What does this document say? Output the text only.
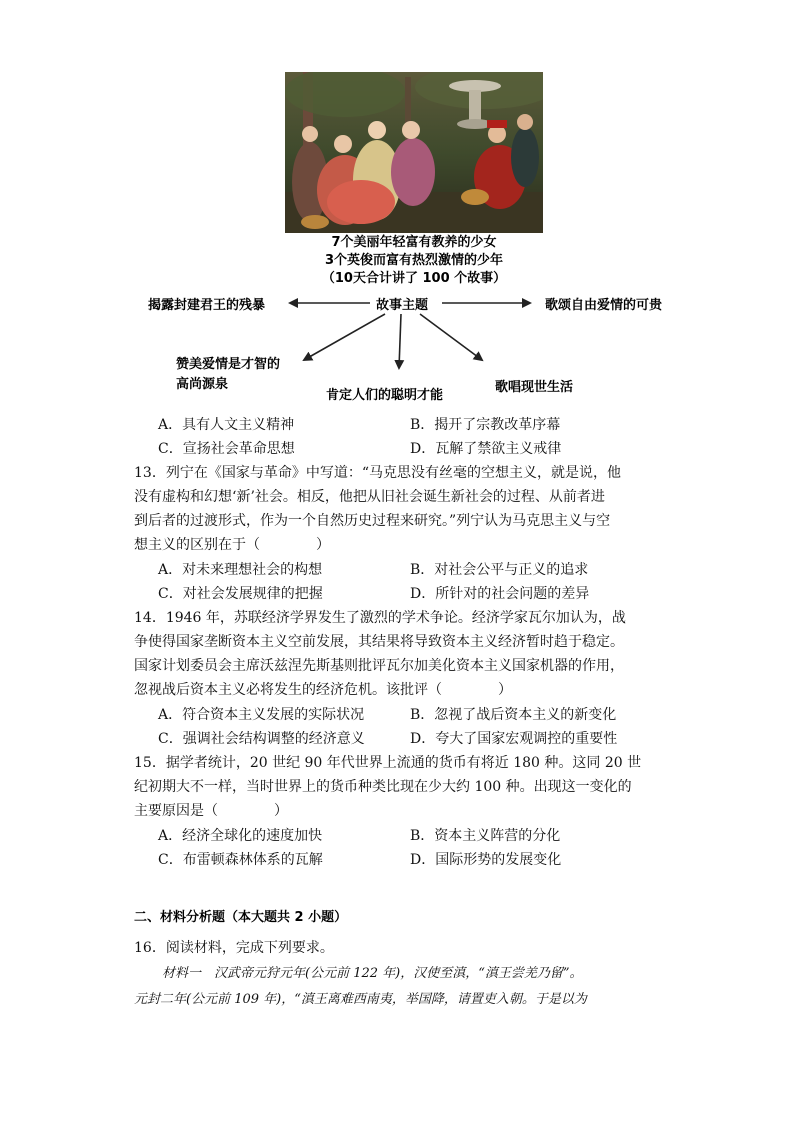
7个美丽年轻富有教养的少女
3个英俊而富有热烈激情的少年
（10天合计讲了 100 个故事）
揭露封建君王的残暴	故事主题	歌颂自由爱情的可贵
赞美爱情是才智的
高尚源泉
肯定人们的聪明才能
歌唱现世生活
A．具有人文主义精神	B．揭开了宗教改革序幕
C．宣扬社会革命思想	D．瓦解了禁欲主义戒律
13．列宁在《国家与革命》中写道：“马克思没有丝毫的空想主义，就是说，他
没有虚构和幻想‘新’社会。相反，他把从旧社会诞生新社会的过程、从前者进
到后者的过渡形式，作为一个自然历史过程来研究。”列宁认为马克思主义与空
想主义的区别在于（　　　　）
A．对未来理想社会的构想	B．对社会公平与正义的追求
C．对社会发展规律的把握	D．所针对的社会问题的差异
14．1946 年，苏联经济学界发生了激烈的学术争论。经济学家瓦尔加认为，战
争使得国家垄断资本主义空前发展，其结果将导致资本主义经济暂时趋于稳定。
国家计划委员会主席沃兹涅先斯基则批评瓦尔加美化资本主义国家机器的作用，
忽视战后资本主义必将发生的经济危机。该批评（　　　　）
A．符合资本主义发展的实际状况	B．忽视了战后资本主义的新变化
C．强调社会结构调整的经济意义	D．夸大了国家宏观调控的重要性
15．据学者统计，20 世纪 90 年代世界上流通的货币有将近 180 种。这同 20 世
纪初期大不一样，当时世界上的货币种类比现在少大约 100 种。出现这一变化的
主要原因是（　　　　）
A．经济全球化的速度加快	B．资本主义阵营的分化
C．布雷顿森林体系的瓦解	D．国际形势的发展变化
二、材料分析题（本大题共 2 小题）
16．阅读材料，完成下列要求。
材料一　汉武帝元狩元年(公元前 122 年)，汉使至滇，“滇王尝羌乃留”。
元封二年(公元前 109 年)，“滇王离难西南夷，举国降，请置吏入朝。于是以为
